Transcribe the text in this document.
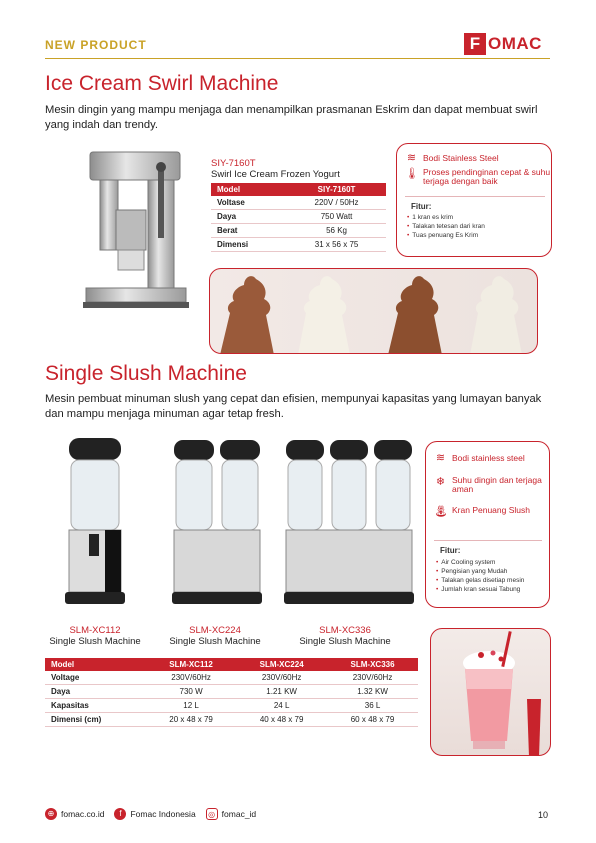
NEW PRODUCT	F OMAC
Ice Cream Swirl Machine
Mesin dingin yang mampu menjaga dan menampilkan prasmanan Eskrim dan dapat membuat swirl yang indah dan trendy.
SIY-7160T
Swirl Ice Cream Frozen Yogurt
Model	SIY-7160T
Voltase	220V / 50Hz
Daya	750 Watt
Berat	56 Kg
Dimensi	31 x 56 x 75
≋ Bodi Stainless Steel
🌡︎ Proses pendinginan cepat & suhu terjaga dengan baik
Fitur:
• 1 kran es krim
• Talakan tetesan dari kran
• Tuas penuang Es Krim
Single Slush Machine
Mesin pembuat minuman slush yang cepat dan efisien, mempunyai kapasitas yang lumayan banyak dan mampu menjaga minuman agar tetap fresh.
SLM-XC112
Single Slush Machine
SLM-XC224
Single Slush Machine
SLM-XC336
Single Slush Machine
Model	SLM-XC112	SLM-XC224	SLM-XC336
Voltage	230V/60Hz	230V/60Hz	230V/60Hz
Daya	730 W	1.21 KW	1.32 KW
Kapasitas	12 L	24 L	36 L
Dimensi (cm)	20 x 48 x 79	40 x 48 x 79	60 x 48 x 79
≋ Bodi stainless steel
❄ Suhu dingin dan terjaga aman
⛲︎ Kran Penuang Slush
Fitur:
• Air Cooling system
• Pengisian yang Mudah
• Talakan gelas disetiap mesin
• Jumlah kran sesuai Tabung
⊕ fomac.co.id	f	Fomac Indonesia	◎ fomac_id	10
